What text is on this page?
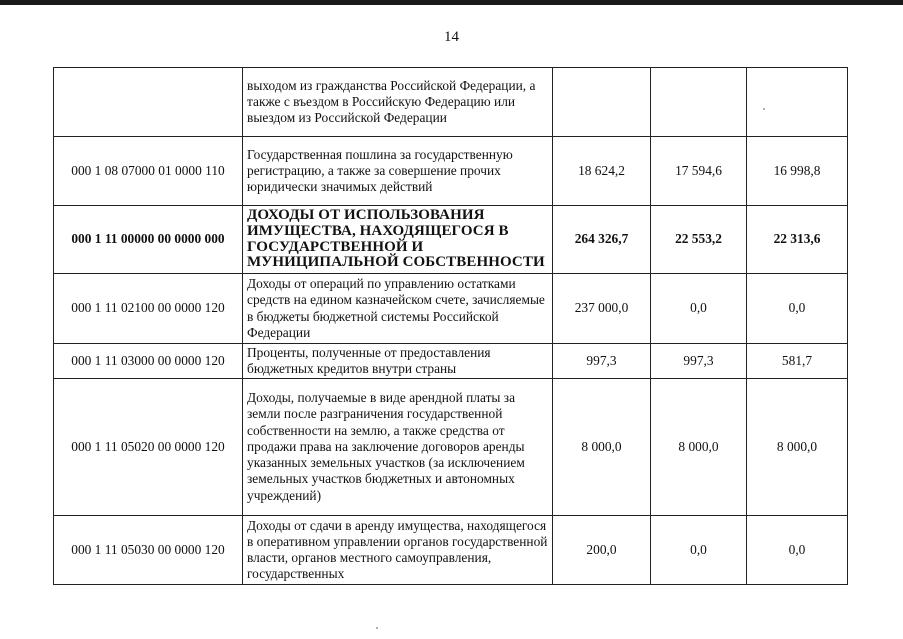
14
	выходом из гражданства Российской Федерации, а также с въездом в Российскую Федерацию или выездом из Российской Федерации			
000 1 08 07000 01 0000 110	Государственная пошлина за государственную регистрацию, а также за совершение прочих юридически значимых действий	18 624,2	17 594,6	16 998,8
000 1 11 00000 00 0000 000	ДОХОДЫ ОТ ИСПОЛЬЗОВАНИЯ ИМУЩЕСТВА, НАХОДЯЩЕГОСЯ В ГОСУДАРСТВЕННОЙ И МУНИЦИПАЛЬНОЙ СОБСТВЕННОСТИ	264 326,7	22 553,2	22 313,6
000 1 11 02100 00 0000 120	Доходы от операций по управлению остатками средств на едином казначейском счете, зачисляемые в бюджеты бюджетной системы Российской Федерации	237 000,0	0,0	0,0
000 1 11 03000 00 0000 120	Проценты, полученные от предоставления бюджетных кредитов внутри страны	997,3	997,3	581,7
000 1 11 05020 00 0000 120	Доходы, получаемые в виде арендной платы за земли после разграничения государственной собственности на землю, а также средства от продажи права на заключение договоров аренды указанных земельных участков (за исключением земельных участков бюджетных и автономных учреждений)	8 000,0	8 000,0	8 000,0
000 1 11 05030 00 0000 120	Доходы от сдачи в аренду имущества, находящегося в оперативном управлении органов государственной власти, органов местного самоуправления, государственных	200,0	0,0	0,0
